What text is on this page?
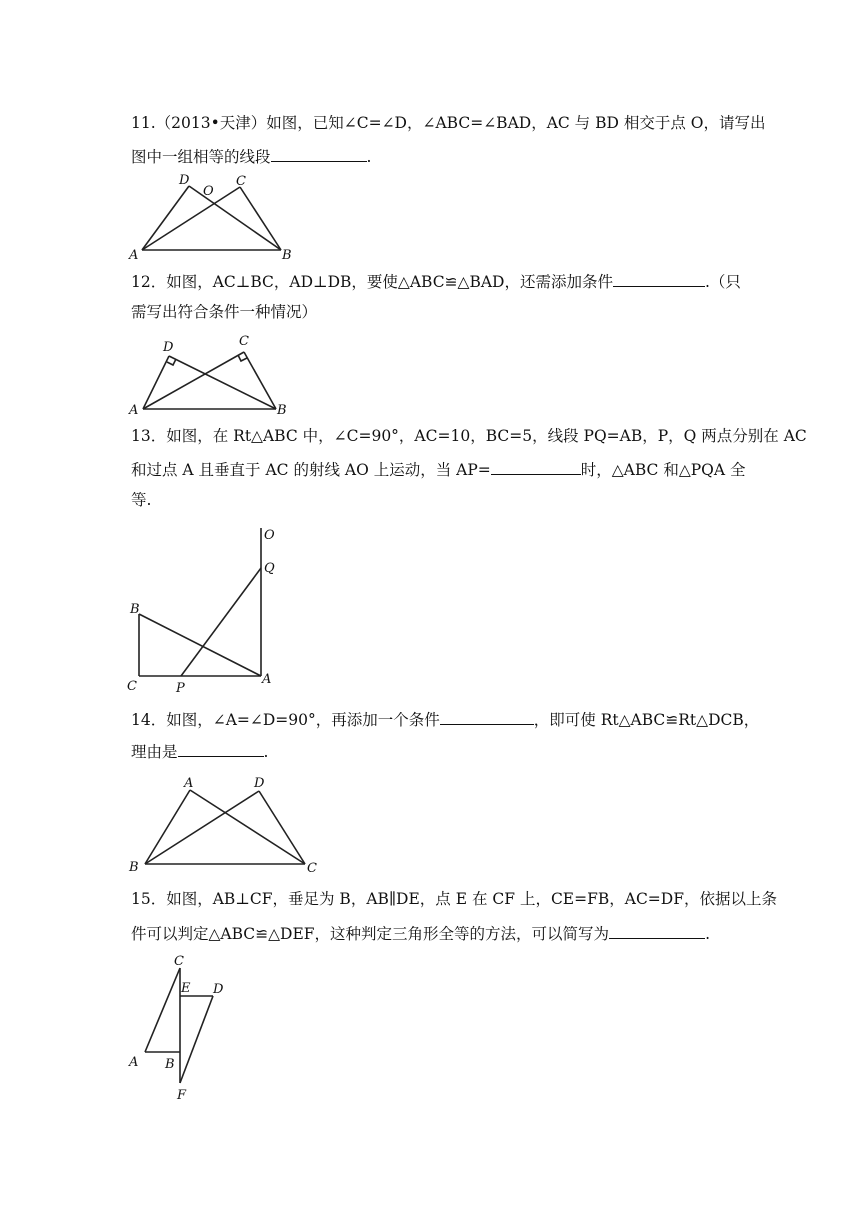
11.（2013•天津）如图，已知∠C=∠D，∠ABC=∠BAD，AC 与 BD 相交于点 O，请写出
图中一组相等的线段	.
D
O
C
A	B
12．如图，AC⊥BC，AD⊥DB，要使△ABC≌△BAD，还需添加条件	.（只
需写出符合条件一种情况）
D	C
A	B
13．如图，在 Rt△ABC 中，∠C=90°，AC=10，BC=5，线段 PQ=AB，P，Q 两点分别在 AC
和过点 A 且垂直于 AC 的射线 AO 上运动，当 AP=	时，△ABC 和△PQA 全
等.
O
Q
B
C	P
A
14．如图，∠A=∠D=90°，再添加一个条件	，即可使 Rt△ABC≌Rt△DCB，
理由是	.
A	D
B	C
15．如图，AB⊥CF，垂足为 B，AB∥DE，点 E 在 CF 上，CE=FB，AC=DF，依据以上条
件可以判定△ABC≌△DEF，这种判定三角形全等的方法，可以简写为	.
C
E D
A B
F
